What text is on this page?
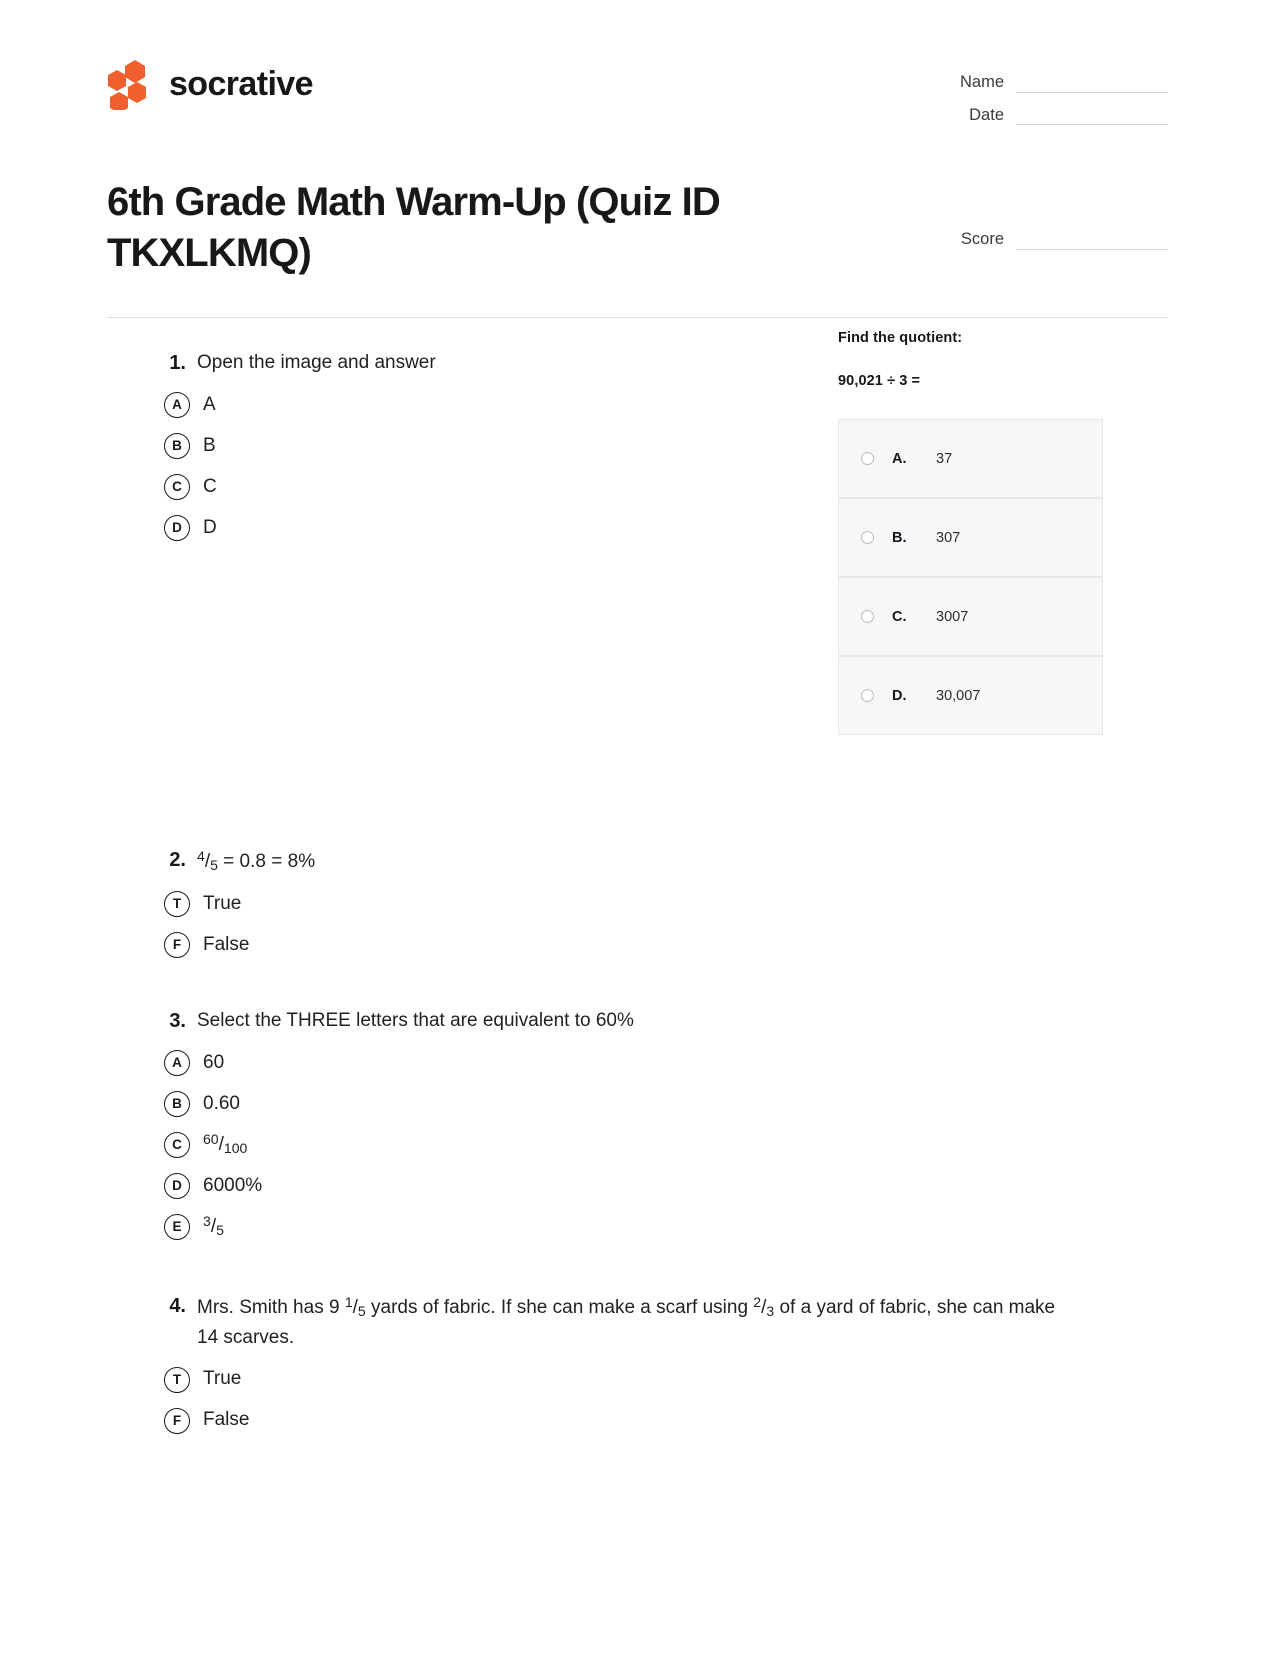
socrative	Name
Date
6th Grade Math Warm-Up (Quiz ID TKXLKMQ)	Score
1. Open the image and answer
A	A
B	B
C	C
D	D
2. $^4$/5 = 0.8 = 8%
T	True
F	False
3. Select the THREE letters that are equivalent to 60%
A	60
B	0.60
C	$^{60}$/100
D	6000%
E	$^3$/5
4. Mrs. Smith has 9 $^1$/5 yards of fabric. If she can make a scarf using $^2$/3 of a yard of fabric, she can make 14 scarves.
T	True
F	False
Find the quotient:
90,021 ÷ 3 =
A.	37
B.	307
C.	3007
D.	30,007
